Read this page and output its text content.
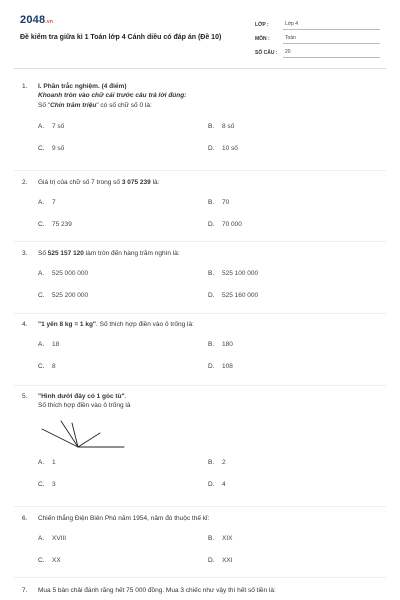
2048.vn
Đề kiểm tra giữa kì 1 Toán lớp 4 Cánh diều có đáp án (Đề 10)
LỚP :	Lớp 4
MÔN :	Toán
SỐ CÂU :	20
1.	I. Phần trắc nghiệm. (4 điểm)
Khoanh tròn vào chữ cái trước câu trả lời đúng:
Số "Chín trăm triệu" có số chữ số 0 là:
A.	7 số	B.	8 số
C.	9 số	D.	10 số
2.	Giá trị của chữ số 7 trong số 3 075 239 là:
A.	7	B.	70
C.	75 239	D.	70 000
3.	Số 525 157 120 làm tròn đến hàng trăm nghìn là:
A.	525 000 000	B.	525 100 000
C.	525 200 000	D.	525 160 000
4.	"1 yến 8 kg = 1 kg". Số thích hợp điền vào ô trống là:
A.	18	B.	180
C.	8	D.	108
5.	"Hình dưới đây có 1 góc tù".
Số thích hợp điền vào ô trống là
A.	1	B.	2
C.	3	D.	4
6.	Chiến thắng Điện Biên Phủ năm 1954, năm đó thuộc thế kỉ:
A.	XVIII	B.	XIX
C.	XX	D.	XXI
7.	Mua 5 bàn chải đánh răng hết 75 000 đồng. Mua 3 chiếc như vậy thì hết số tiền là:
